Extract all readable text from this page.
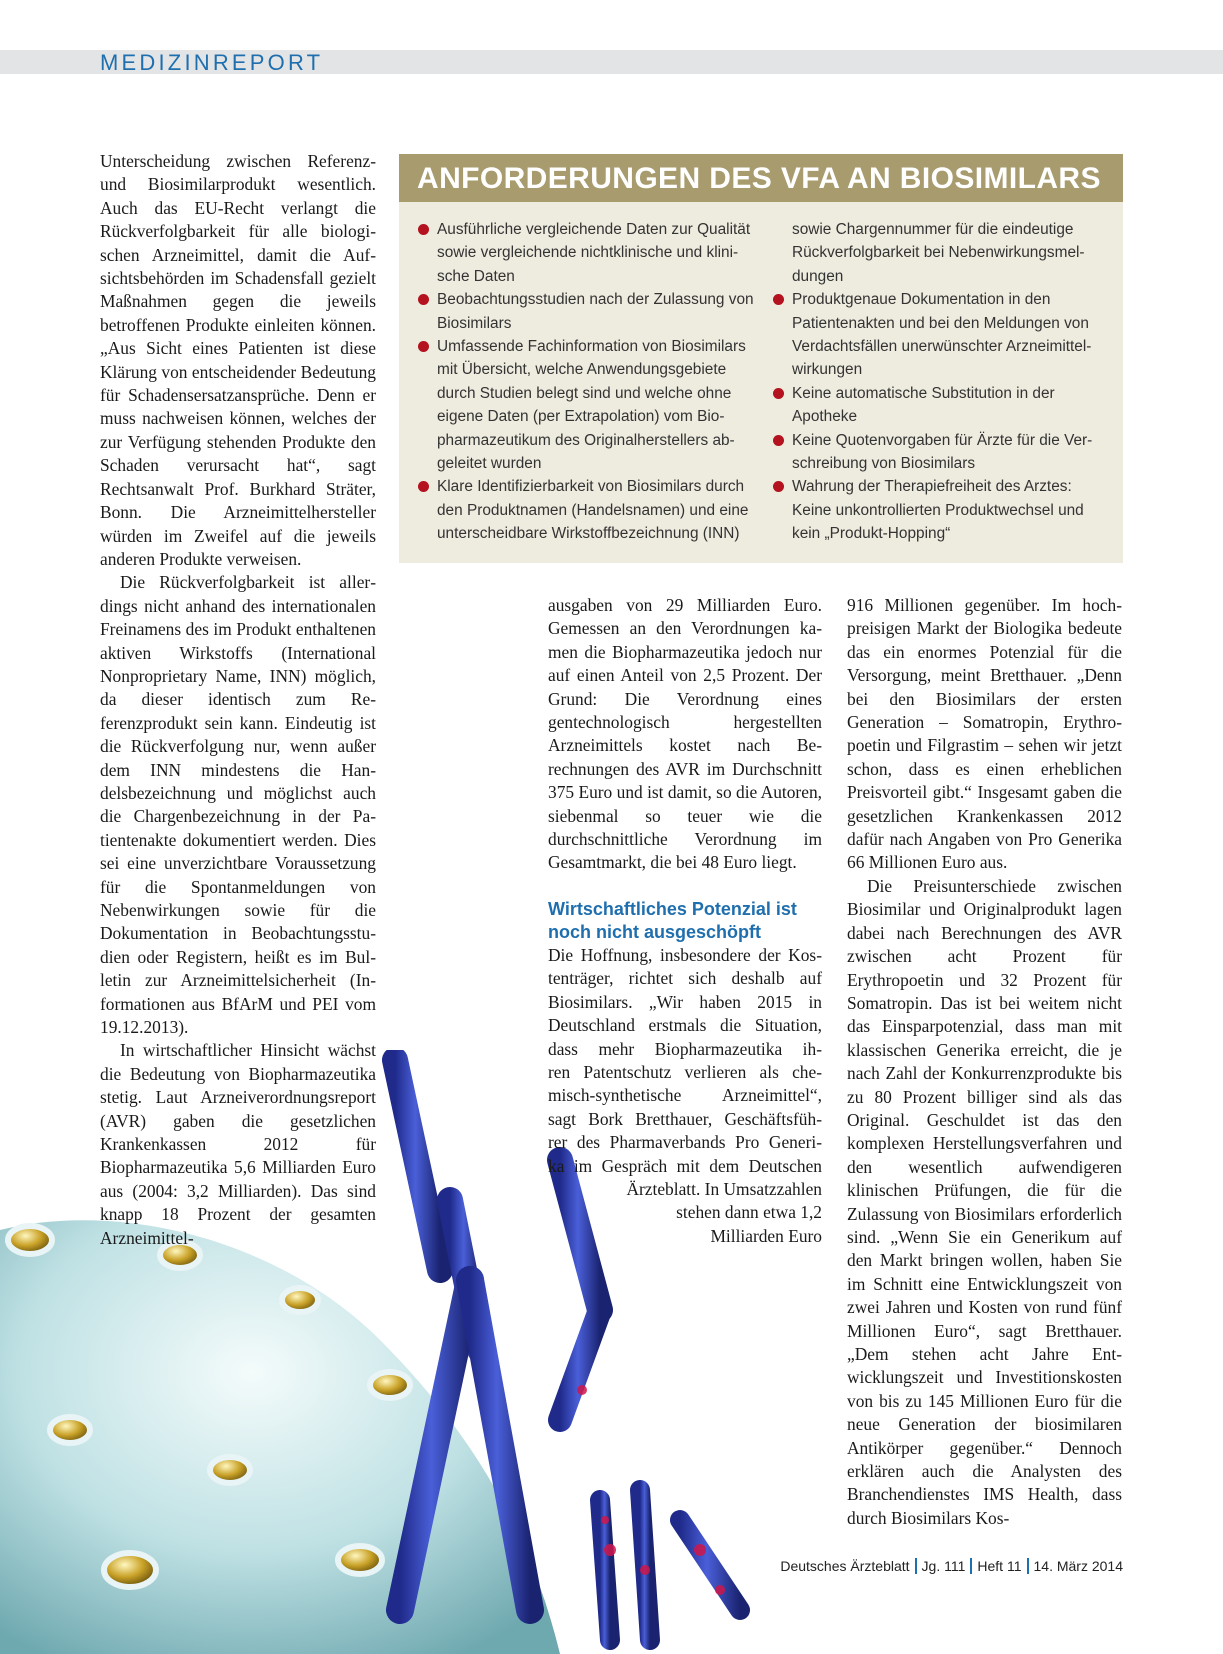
MEDIZINREPORT

Unterscheidung zwischen Referenz- und Biosimilarprodukt wesentlich. Auch das EU-Recht verlangt die Rückverfolgbarkeit für alle biologischen Arzneimittel, damit die Aufsichtsbehörden im Schadensfall gezielt Maßnahmen gegen die jeweils betroffenen Produkte einleiten können. „Aus Sicht eines Patienten ist diese Klärung von entscheidender Bedeutung für Schadensersatzansprüche. Denn er muss nachweisen können, welches der zur Verfügung stehenden Produkte den Schaden verursacht hat“, sagt Rechtsanwalt Prof. Burkhard Sträter, Bonn. Die Arzneimittelhersteller würden im Zweifel auf die jeweils anderen Produkte verweisen.

Die Rückverfolgbarkeit ist allerdings nicht anhand des internationalen Freinamens des im Produkt enthaltenen aktiven Wirkstoffs (International Nonproprietary Name, INN) möglich, da dieser identisch zum Referenzprodukt sein kann. Eindeutig ist die Rückverfolgung nur, wenn außer dem INN mindestens die Handelsbezeichnung und möglichst auch die Chargenbezeichnung in der Patientenakte dokumentiert werden. Dies sei eine unverzichtbare Voraussetzung für die Spontanmeldungen von Nebenwirkungen sowie für die Dokumentation in Beobachtungsstudien oder Registern, heißt es im Bulletin zur Arzneimittelsicherheit (Informationen aus BfArM und PEI vom 19.12.2013).

In wirtschaftlicher Hinsicht wächst die Bedeutung von Biopharmazeutika stetig. Laut Arzneiverordnungsreport (AVR) gaben die gesetzlichen Krankenkassen 2012 für Biopharmazeutika 5,6 Milliarden Euro aus (2004: 3,2 Milliarden). Das sind knapp 18 Prozent der gesamten Arzneimittel-

ANFORDERUNGEN DES VFA AN BIOSIMILARS
Ausführliche vergleichende Daten zur Qualität
sowie vergleichende nichtklinische und klini-
sche Daten
Beobachtungsstudien nach der Zulassung von
Biosimilars
Umfassende Fachinformation von Biosimilars
mit Übersicht, welche Anwendungsgebiete
durch Studien belegt sind und welche ohne
eigene Daten (per Extrapolation) vom Bio-
pharmazeutikum des Originalherstellers ab-
geleitet wurden
Klare Identifizierbarkeit von Biosimilars durch
den Produktnamen (Handelsnamen) und eine
unterscheidbare Wirkstoffbezeichnung (INN)
sowie Chargennummer für die eindeutige
Rückverfolgbarkeit bei Nebenwirkungsmel-
dungen
Produktgenaue Dokumentation in den
Patientenakten und bei den Meldungen von
Verdachtsfällen unerwünschter Arzneimittel-
wirkungen
Keine automatische Substitution in der
Apotheke
Keine Quotenvorgaben für Ärzte für die Ver-
schreibung von Biosimilars
Wahrung der Therapiefreiheit des Arztes:
Keine unkontrollierten Produktwechsel und
kein „Produkt-Hopping“

ausgaben von 29 Milliarden Euro. Gemessen an den Verordnungen kamen die Biopharmazeutika jedoch nur auf einen Anteil von 2,5 Prozent. Der Grund: Die Verordnung eines gentechnologisch hergestellten Arzneimittels kostet nach Berechnungen des AVR im Durchschnitt 375 Euro und ist damit, so die Autoren, siebenmal so teuer wie die durchschnittliche Verordnung im Gesamtmarkt, die bei 48 Euro liegt.

Wirtschaftliches Potenzial ist noch nicht ausgeschöpft
Die Hoffnung, insbesondere der Kos-
tenträger, richtet sich deshalb auf
Biosimilars. „Wir haben 2015 in
Deutschland erstmals die Situation,
dass mehr Biopharmazeutika ih-
ren Patentschutz verlieren als che-
misch-synthetische Arzneimittel“,
sagt Bork Bretthauer, Geschäftsfüh-
rer des Pharmaverbands Pro Generi-
ka im Gespräch mit dem Deutschen
Ärzteblatt. In Umsatzzahlen
stehen dann etwa 1,2
Milliarden Euro

916 Millionen gegenüber. Im hochpreisigen Markt der Biologika bedeute das ein enormes Potenzial für die Versorgung, meint Bretthauer. „Denn bei den Biosimilars der ersten Generation – Somatropin, Erythropoetin und Filgrastim – sehen wir jetzt schon, dass es einen erheblichen Preisvorteil gibt.“ Insgesamt gaben die gesetzlichen Krankenkassen 2012 dafür nach Angaben von Pro Generika 66 Millionen Euro aus.

Die Preisunterschiede zwischen Biosimilar und Originalprodukt lagen dabei nach Berechnungen des AVR zwischen acht Prozent für Erythropoetin und 32 Prozent für Somatropin. Das ist bei weitem nicht das Einsparpotenzial, dass man mit klassischen Generika erreicht, die je nach Zahl der Konkurrenzprodukte bis zu 80 Prozent billiger sind als das Original. Geschuldet ist das den komplexen Herstellungsverfahren und den wesentlich aufwendigeren klinischen Prüfungen, die für die Zulassung von Biosimilars erforderlich sind. „Wenn Sie ein Generikum auf den Markt bringen wollen, haben Sie im Schnitt eine Entwicklungszeit von zwei Jahren und Kosten von rund fünf Millionen Euro“, sagt Bretthauer. „Dem stehen acht Jahre Entwicklungszeit und Investitionskosten von bis zu 145 Millionen Euro für die neue Generation der biosimilaren Antikörper gegenüber.“ Dennoch erklären auch die Analysten des Branchendienstes IMS Health, dass durch Biosimilars Kos-

Deutsches Ärzteblatt Jg. 111 Heft 11 14. März 2014
